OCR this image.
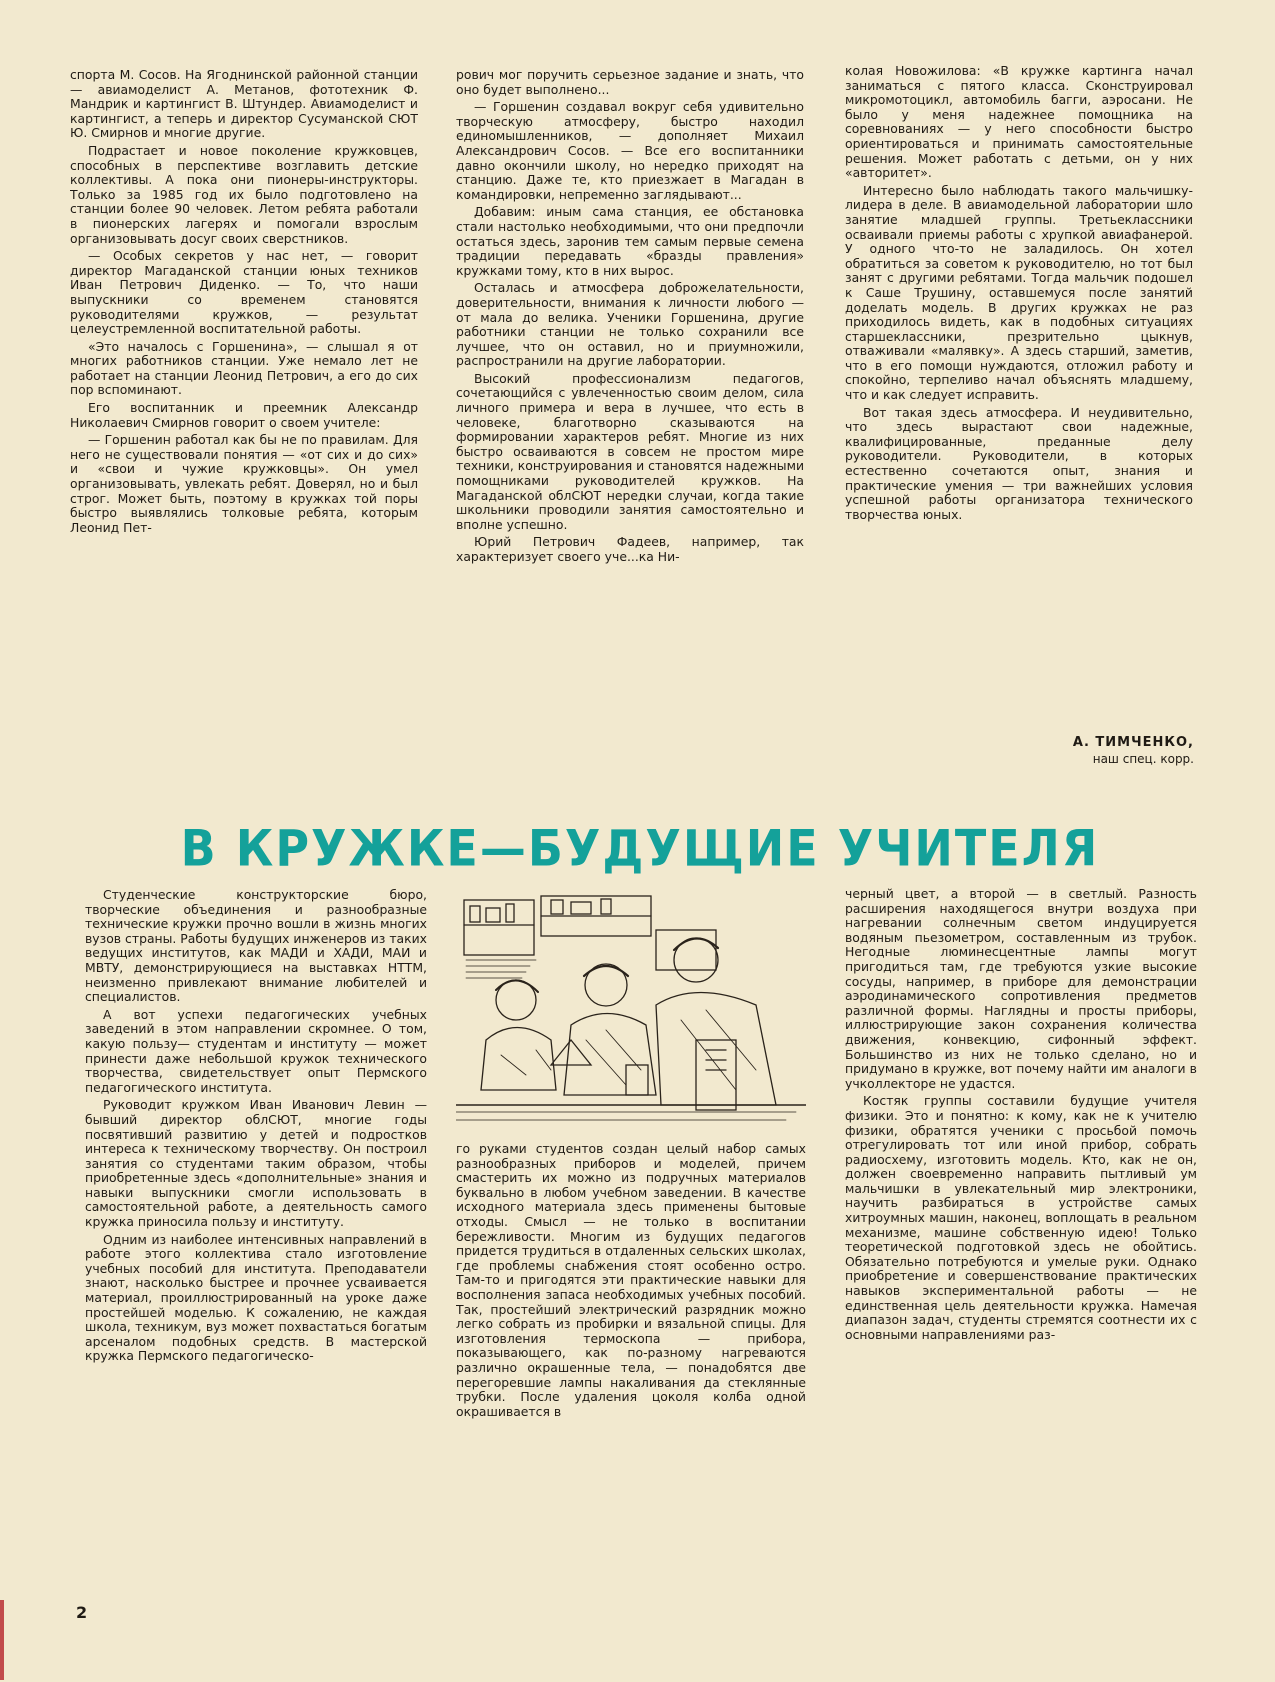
спорта М. Сосов. На Ягоднинской районной станции — авиамоделист А. Метанов, фототехник Ф. Мандрик и картингист В. Штундер. Авиамоделист и картингист, а теперь и директор Сусуманской СЮТ Ю. Смирнов и многие другие.

Подрастает и новое поколение кружковцев, способных в перспективе возглавить детские коллективы. А пока они пионеры-инструкторы. Только за 1985 год их было подготовлено на станции более 90 человек. Летом ребята работали в пионерских лагерях и помогали взрослым организовывать досуг своих сверстников.

— Особых секретов у нас нет, — говорит директор Магаданской станции юных техников Иван Петрович Диденко. — То, что наши выпускники со временем становятся руководителями кружков, — результат целеустремленной воспитательной работы.

«Это началось с Горшенина», — слышал я от многих работников станции. Уже немало лет не работает на станции Леонид Петрович, а его до сих пор вспоминают.

Его воспитанник и преемник Александр Николаевич Смирнов говорит о своем учителе:

— Горшенин работал как бы не по правилам. Для него не существовали понятия — «от сих и до сих» и «свои и чужие кружковцы». Он умел организовывать, увлекать ребят. Доверял, но и был строг. Может быть, поэтому в кружках той поры быстро выявлялись толковые ребята, которым Леонид Пет-

рович мог поручить серьезное задание и знать, что оно будет выполнено...

— Горшенин создавал вокруг себя удивительно творческую атмосферу, быстро находил единомышленников, — дополняет Михаил Александрович Сосов. — Все его воспитанники давно окончили школу, но нередко приходят на станцию. Даже те, кто приезжает в Магадан в командировки, непременно заглядывают...

Добавим: иным сама станция, ее обстановка стали настолько необходимыми, что они предпочли остаться здесь, заронив тем самым первые семена традиции передавать «бразды правления» кружками тому, кто в них вырос.

Осталась и атмосфера доброжелательности, доверительности, внимания к личности любого — от мала до велика. Ученики Горшенина, другие работники станции не только сохранили все лучшее, что он оставил, но и приумножили, распространили на другие лаборатории.

Высокий профессионализм педагогов, сочетающийся с увлеченностью своим делом, сила личного примера и вера в лучшее, что есть в человеке, благотворно сказываются на формировании характеров ребят. Многие из них быстро осваиваются в совсем не простом мире техники, конструирования и становятся надежными помощниками руководителей кружков. На Магаданской облСЮТ нередки случаи, когда такие школьники проводили занятия самостоятельно и вполне успешно.

Юрий Петрович Фадеев, например, так характеризует своего уче...ка Ни-

колая Новожилова: «В кружке картинга начал заниматься с пятого класса. Сконструировал микромотоцикл, автомобиль багги, аэросани. Не было у меня надежнее помощника на соревнованиях — у него способности быстро ориентироваться и принимать самостоятельные решения. Может работать с детьми, он у них «авторитет».

Интересно было наблюдать такого мальчишку-лидера в деле. В авиамодельной лаборатории шло занятие младшей группы. Третьеклассники осваивали приемы работы с хрупкой авиафанерой. У одного что-то не заладилось. Он хотел обратиться за советом к руководителю, но тот был занят с другими ребятами. Тогда мальчик подошел к Саше Трушину, оставшемуся после занятий доделать модель. В других кружках не раз приходилось видеть, как в подобных ситуациях старшеклассники, презрительно цыкнув, отваживали «малявку». А здесь старший, заметив, что в его помощи нуждаются, отложил работу и спокойно, терпеливо начал объяснять младшему, что и как следует исправить.

Вот такая здесь атмосфера. И неудивительно, что здесь вырастают свои надежные, квалифицированные, преданные делу руководители. Руководители, в которых естественно сочетаются опыт, знания и практические умения — три важнейших условия успешной работы организатора технического творчества юных.

А. ТИМЧЕНКО,
наш спец. корр.
В КРУЖКЕ—БУДУЩИЕ УЧИТЕЛЯ

Студенческие конструкторские бюро, творческие объединения и разнообразные технические кружки прочно вошли в жизнь многих вузов страны. Работы будущих инженеров из таких ведущих институтов, как МАДИ и ХАДИ, МАИ и МВТУ, демонстрирующиеся на выставках НТТМ, неизменно привлекают внимание любителей и специалистов.

А вот успехи педагогических учебных заведений в этом направлении скромнее. О том, какую пользу— студентам и институту — может принести даже небольшой кружок технического творчества, свидетельствует опыт Пермского педагогического института.

Руководит кружком Иван Иванович Левин — бывший директор облСЮТ, многие годы посвятивший развитию у детей и подростков интереса к техническому творчеству. Он построил занятия со студентами таким образом, чтобы приобретенные здесь «дополнительные» знания и навыки выпускники смогли использовать в самостоятельной работе, а деятельность самого кружка приносила пользу и институту.

Одним из наиболее интенсивных направлений в работе этого коллектива стало изготовление учебных пособий для института. Преподаватели знают, насколько быстрее и прочнее усваивается материал, проиллюстрированный на уроке даже простейшей моделью. К сожалению, не каждая школа, техникум, вуз может похвастаться богатым арсеналом подобных средств. В мастерской кружка Пермского педагогическо-

го руками студентов создан целый набор самых разнообразных приборов и моделей, причем смастерить их можно из подручных материалов буквально в любом учебном заведении. В качестве исходного материала здесь применены бытовые отходы. Смысл — не только в воспитании бережливости. Многим из будущих педагогов придется трудиться в отдаленных сельских школах, где проблемы снабжения стоят особенно остро. Там-то и пригодятся эти практические навыки для восполнения запаса необходимых учебных пособий. Так, простейший электрический разрядник можно легко собрать из пробирки и вязальной спицы. Для изготовления термоскопа — прибора, показывающего, как по-разному нагреваются различно окрашенные тела, — понадобятся две перегоревшие лампы накаливания да стеклянные трубки. После удаления цоколя колба одной окрашивается в

черный цвет, а второй — в светлый. Разность расширения находящегося внутри воздуха при нагревании солнечным светом индуцируется водяным пьезометром, составленным из трубок. Негодные люминесцентные лампы могут пригодиться там, где требуются узкие высокие сосуды, например, в приборе для демонстрации аэродинамического сопротивления предметов различной формы. Наглядны и просты приборы, иллюстрирующие закон сохранения количества движения, конвекцию, сифонный эффект. Большинство из них не только сделано, но и придумано в кружке, вот почему найти им аналоги в учколлекторе не удастся.

Костяк группы составили будущие учителя физики. Это и понятно: к кому, как не к учителю физики, обратятся ученики с просьбой помочь отрегулировать тот или иной прибор, собрать радиосхему, изготовить модель. Кто, как не он, должен своевременно направить пытливый ум мальчишки в увлекательный мир электроники, научить разбираться в устройстве самых хитроумных машин, наконец, воплощать в реальном механизме, машине собственную идею! Только теоретической подготовкой здесь не обойтись. Обязательно потребуются и умелые руки. Однако приобретение и совершенствование практических навыков экспериментальной работы — не единственная цель деятельности кружка. Намечая диапазон задач, студенты стремятся соотнести их с основными направлениями раз-

2
